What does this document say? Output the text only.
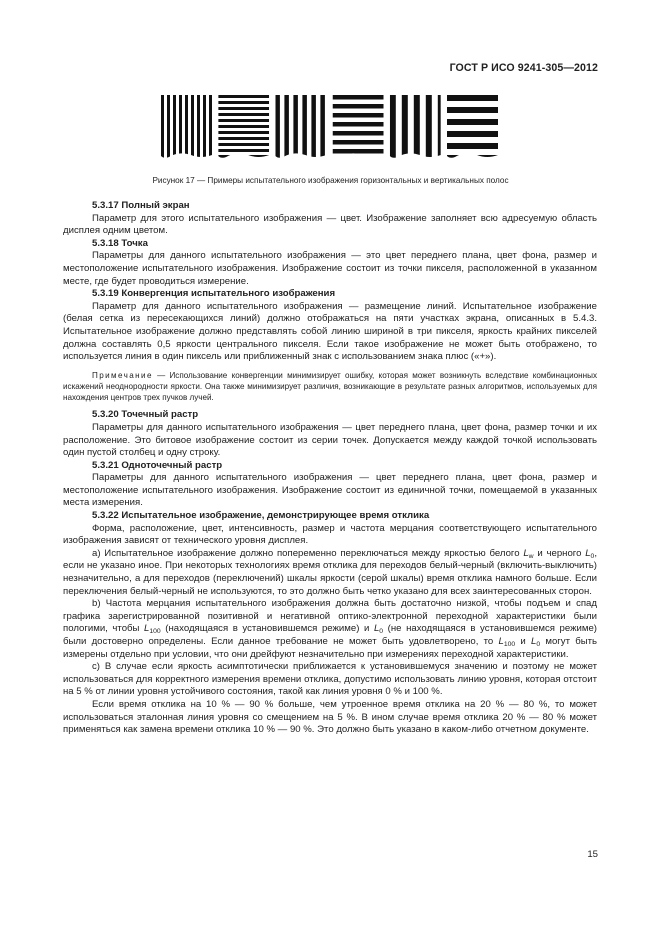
ГОСТ Р ИСО 9241-305—2012
Рисунок 17 — Примеры испытательного изображения горизонтальных и вертикальных полос
5.3.17 Полный экран
Параметр для этого испытательного изображения — цвет. Изображение заполняет всю адресуемую область дисплея одним цветом.
5.3.18 Точка
Параметры для данного испытательного изображения — это цвет переднего плана, цвет фона, размер и местоположение испытательного изображения. Изображение состоит из точки пикселя, расположенной в указанном месте, где будет проводиться измерение.
5.3.19 Конвергенция испытательного изображения
Параметр для данного испытательного изображения — размещение линий. Испытательное изображение (белая сетка из пересекающихся линий) должно отображаться на пяти участках экрана, описанных в 5.4.3. Испытательное изображение должно представлять собой линию шириной в три пикселя, яркость крайних пикселей должна составлять 0,5 яркости центрального пикселя. Если такое изображение не может быть отображено, то используется линия в один пиксель или приближенный знак с использованием знака плюс («+»).
Примечание — Использование конвергенции минимизирует ошибку, которая может возникнуть вследствие комбинационных искажений неоднородности яркости. Она также минимизирует различия, возникающие в результате разных алгоритмов, используемых для нахождения центров трех пучков лучей.
5.3.20 Точечный растр
Параметры для данного испытательного изображения — цвет переднего плана, цвет фона, размер точки и их расположение. Это битовое изображение состоит из серии точек. Допускается между каждой точкой использовать один пустой столбец и одну строку.
5.3.21 Одноточечный растр
Параметры для данного испытательного изображения — цвет переднего плана, цвет фона, размер и местоположение испытательного изображения. Изображение состоит из единичной точки, помещаемой в указанных места измерения.
5.3.22 Испытательное изображение, демонстрирующее время отклика
Форма, расположение, цвет, интенсивность, размер и частота мерцания соответствующего испытательного изображения зависят от технического уровня дисплея.
а) Испытательное изображение должно попеременно переключаться между яркостью белого $L_w$ и черного $L_0$, если не указано иное. При некоторых технологиях время отклика для переходов белый-черный (включить-выключить) незначительно, а для переходов (переключений) шкалы яркости (серой шкалы) время отклика намного больше. Если переключения белый-черный не используются, то это должно быть четко указано для всех заинтересованных сторон.
b) Частота мерцания испытательного изображения должна быть достаточно низкой, чтобы подъем и спад графика зарегистрированной позитивной и негативной оптико-электронной переходной характеристики были пологими, чтобы $L_{100}$ (находящаяся в установившемся режиме) и $L_0$ (не находящаяся в установившемся режиме) были достоверно определены. Если данное требование не может быть удовлетворено, то $L_{100}$ и $L_0$ могут быть измерены отдельно при условии, что они дрейфуют незначительно при измерениях переходной характеристики.
c) В случае если яркость асимптотически приближается к установившемуся значению и поэтому не может использоваться для корректного измерения времени отклика, допустимо использовать линию уровня, которая отстоит на 5 % от линии уровня устойчивого состояния, такой как линия уровня 0 % и 100 %.
Если время отклика на 10 % — 90 % больше, чем утроенное время отклика на 20 % — 80 %, то может использоваться эталонная линия уровня со смещением на 5 %. В ином случае время отклика 20 % — 80 % может применяться как замена времени отклика 10 % — 90 %. Это должно быть указано в каком-либо отчетном документе.
15
